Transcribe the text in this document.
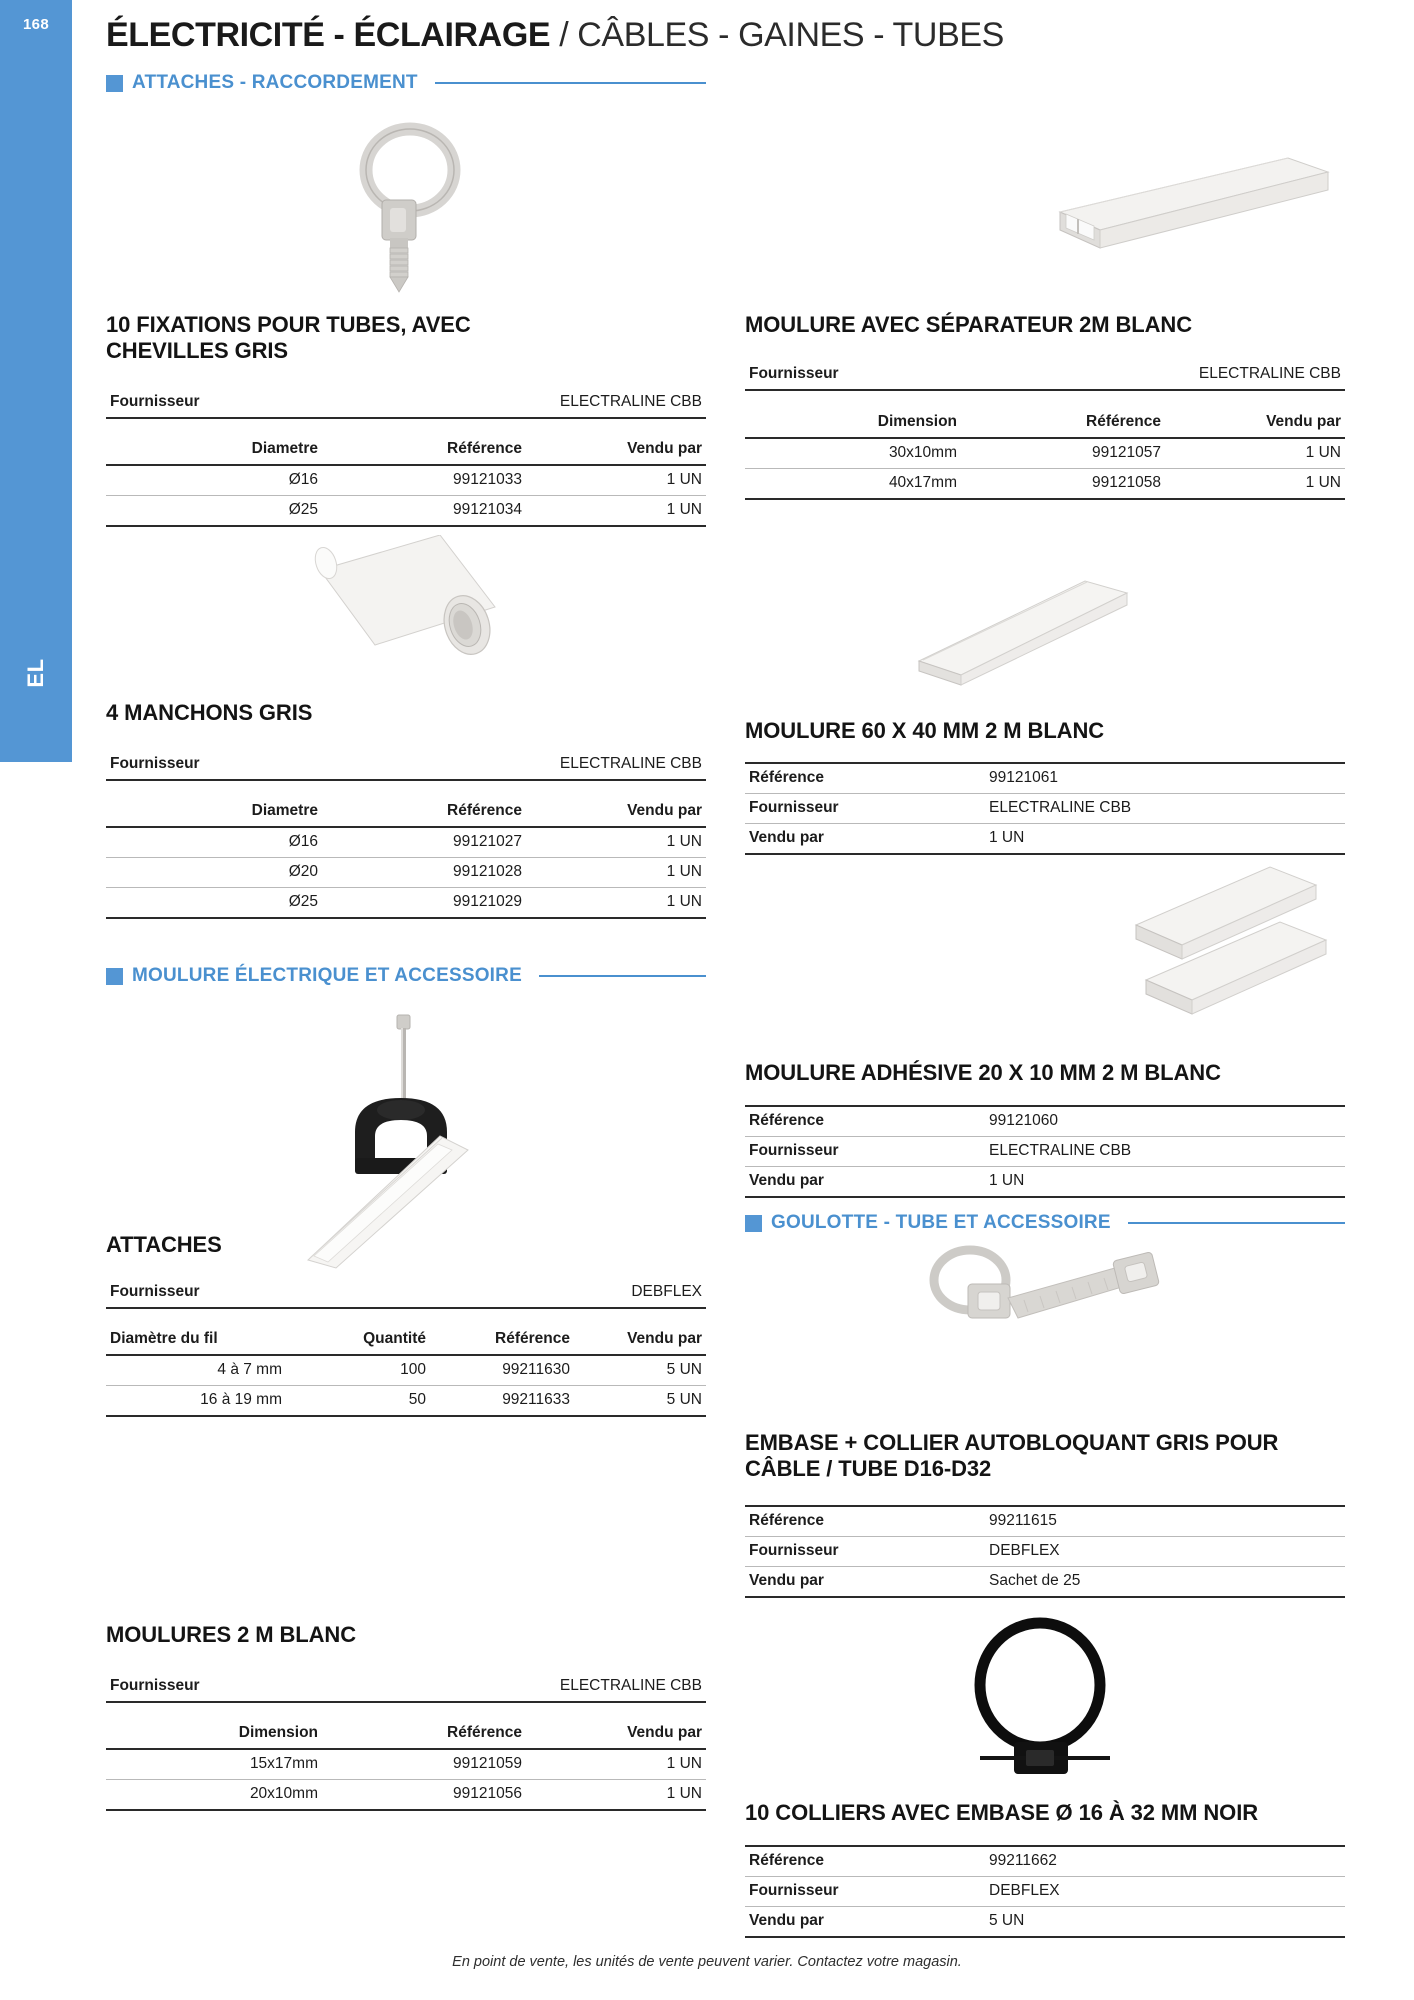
168
EL
ÉLECTRICITÉ - ÉCLAIRAGE / CÂBLES - GAINES - TUBES
ATTACHES - RACCORDEMENT
10 FIXATIONS POUR TUBES, AVEC CHEVILLES GRIS
Fournisseur	ELECTRALINE CBB
Diametre	Référence	Vendu par
Ø16	99121033	1 UN
Ø25	99121034	1 UN
MOULURE AVEC SÉPARATEUR 2M BLANC
Fournisseur	ELECTRALINE CBB
Dimension	Référence	Vendu par
30x10mm	99121057	1 UN
40x17mm	99121058	1 UN
4 MANCHONS GRIS
Fournisseur	ELECTRALINE CBB
Diametre	Référence	Vendu par
Ø16	99121027	1 UN
Ø20	99121028	1 UN
Ø25	99121029	1 UN
MOULURE 60 X 40 MM 2 M BLANC
Référence	99121061
Fournisseur	ELECTRALINE CBB
Vendu par	1 UN
MOULURE ÉLECTRIQUE ET ACCESSOIRE
ATTACHES
Fournisseur	DEBFLEX
Diamètre du fil	Quantité	Référence	Vendu par
4 à 7 mm	100	99211630	5 UN
16 à 19 mm	50	99211633	5 UN
MOULURE ADHÉSIVE 20 X 10 MM 2 M BLANC
Référence	99121060
Fournisseur	ELECTRALINE CBB
Vendu par	1 UN
GOULOTTE - TUBE ET ACCESSOIRE
EMBASE + COLLIER AUTOBLOQUANT GRIS POUR CÂBLE / TUBE D16-D32
Référence	99211615
Fournisseur	DEBFLEX
Vendu par	Sachet de 25
MOULURES 2 M BLANC
Fournisseur	ELECTRALINE CBB
Dimension	Référence	Vendu par
15x17mm	99121059	1 UN
20x10mm	99121056	1 UN
10 COLLIERS AVEC EMBASE Ø 16 À 32 MM NOIR
Référence	99211662
Fournisseur	DEBFLEX
Vendu par	5 UN
En point de vente, les unités de vente peuvent varier. Contactez votre magasin.
